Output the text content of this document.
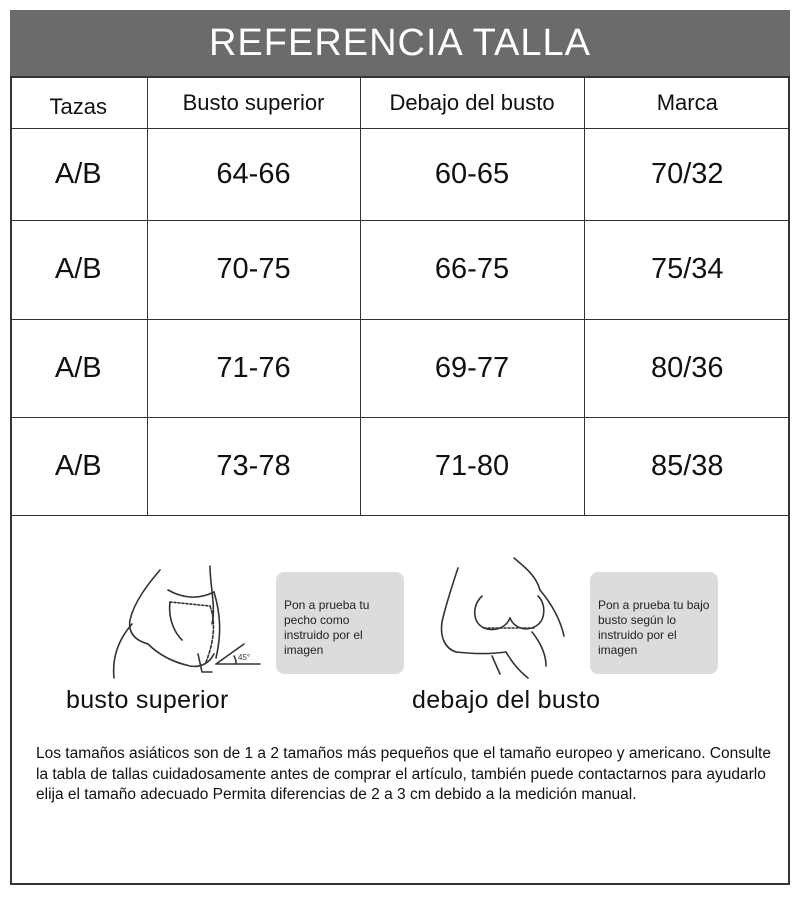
REFERENCIA TALLA
Tazas	Busto superior	Debajo del busto	Marca
A/B	64-66	60-65	70/32
A/B	70-75	66-75	75/34
A/B	71-76	69-77	80/36
A/B	73-78	71-80	85/38
45°
Pon a prueba tu pecho como instruido por el imagen
Pon a prueba tu bajo busto según lo instruido por el imagen
busto superior	debajo del busto

Los tamaños asiáticos son de 1 a 2 tamaños más pequeños que el tamaño europeo y americano. Consulte la tabla de tallas cuidadosamente antes de comprar el artículo, también puede contactarnos para ayudarlo elija el tamaño adecuado Permita diferencias de 2 a 3 cm debido a la medición manual.
